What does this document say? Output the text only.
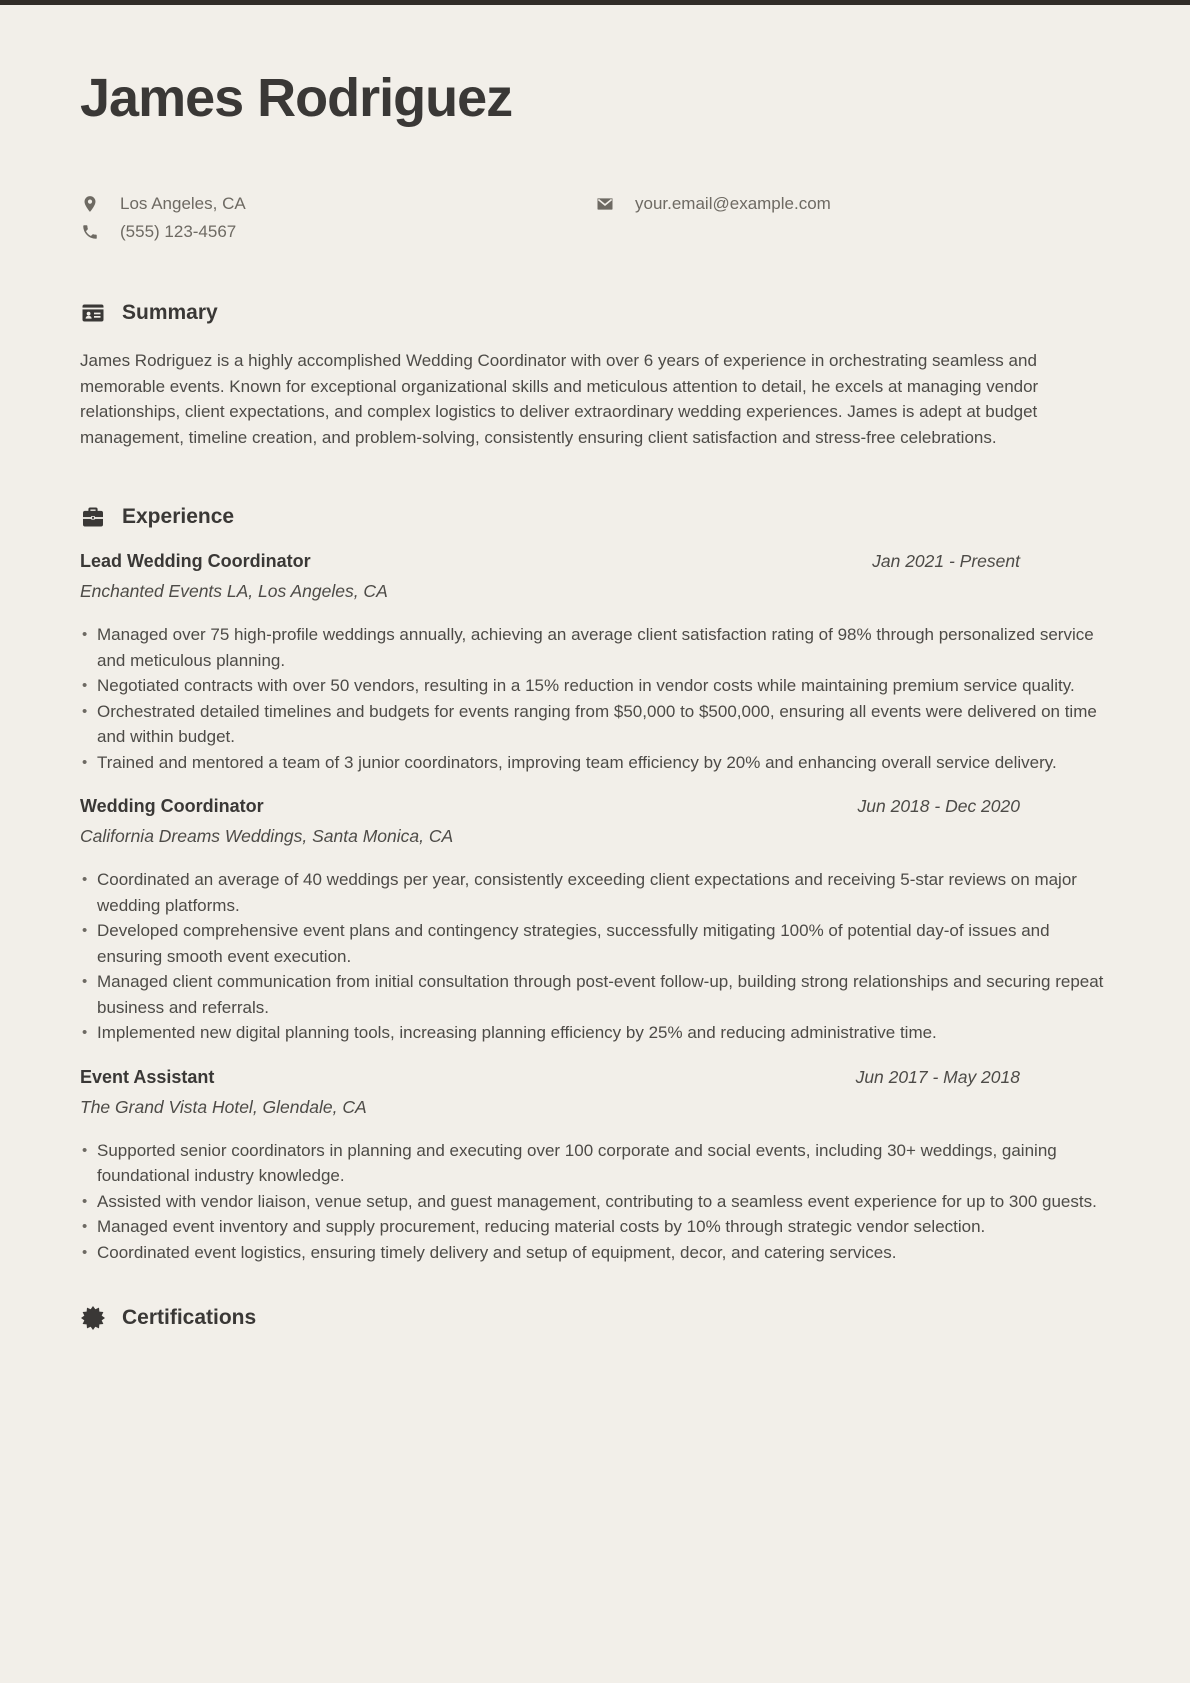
James Rodriguez
Los Angeles, CA
(555) 123-4567
your.email@example.com
Summary

James Rodriguez is a highly accomplished Wedding Coordinator with over 6 years of experience in orchestrating seamless and memorable events. Known for exceptional organizational skills and meticulous attention to detail, he excels at managing vendor relationships, client expectations, and complex logistics to deliver extraordinary wedding experiences. James is adept at budget management, timeline creation, and problem-solving, consistently ensuring client satisfaction and stress-free celebrations.

Experience
Lead Wedding Coordinator	Jan 2021 - Present
Enchanted Events LA, Los Angeles, CA
• Managed over 75 high-profile weddings annually, achieving an average client satisfaction rating of 98% through personalized service and meticulous planning.
• Negotiated contracts with over 50 vendors, resulting in a 15% reduction in vendor costs while maintaining premium service quality.
• Orchestrated detailed timelines and budgets for events ranging from $50,000 to $500,000, ensuring all events were delivered on time and within budget.
• Trained and mentored a team of 3 junior coordinators, improving team efficiency by 20% and enhancing overall service delivery.
Wedding Coordinator	Jun 2018 - Dec 2020
California Dreams Weddings, Santa Monica, CA
• Coordinated an average of 40 weddings per year, consistently exceeding client expectations and receiving 5-star reviews on major wedding platforms.
• Developed comprehensive event plans and contingency strategies, successfully mitigating 100% of potential day-of issues and ensuring smooth event execution.
• Managed client communication from initial consultation through post-event follow-up, building strong relationships and securing repeat business and referrals.
• Implemented new digital planning tools, increasing planning efficiency by 25% and reducing administrative time.
Event Assistant	Jun 2017 - May 2018
The Grand Vista Hotel, Glendale, CA
• Supported senior coordinators in planning and executing over 100 corporate and social events, including 30+ weddings, gaining foundational industry knowledge.
• Assisted with vendor liaison, venue setup, and guest management, contributing to a seamless event experience for up to 300 guests.
• Managed event inventory and supply procurement, reducing material costs by 10% through strategic vendor selection.
• Coordinated event logistics, ensuring timely delivery and setup of equipment, decor, and catering services.
Certifications
